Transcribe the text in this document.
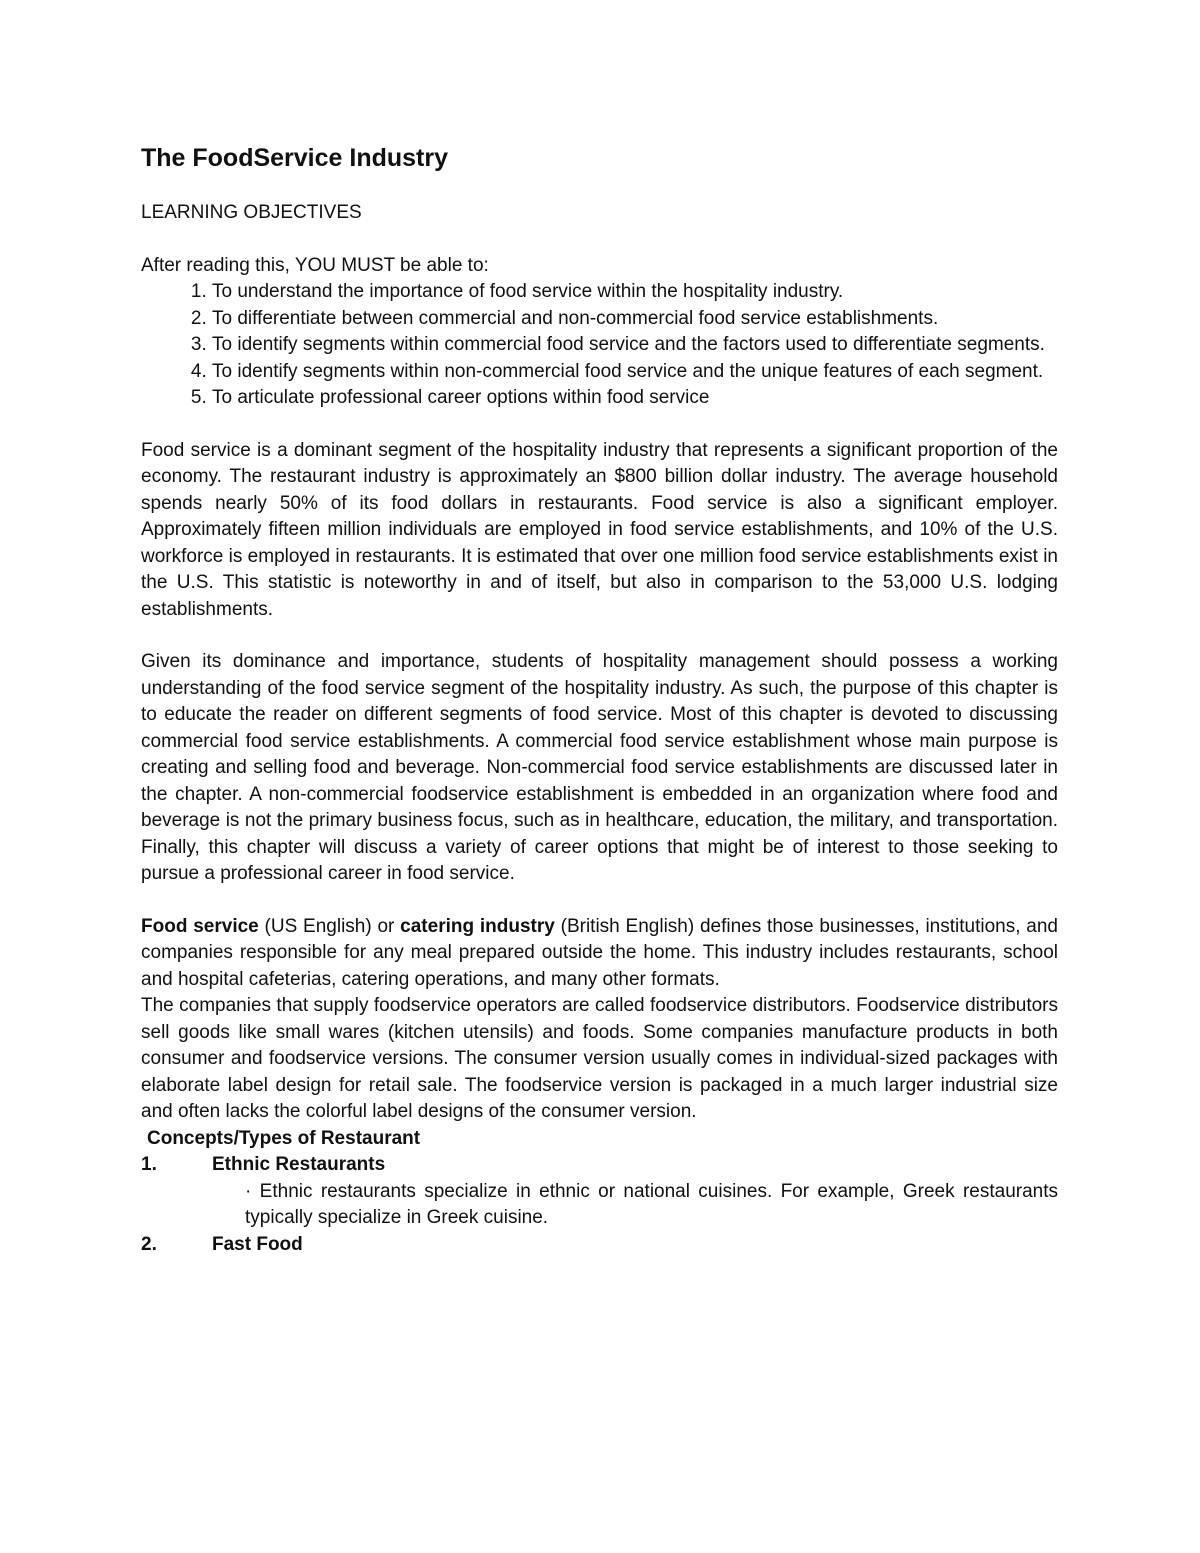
The FoodService Industry
LEARNING OBJECTIVES

After reading this, YOU MUST be able to:

1. To understand the importance of food service within the hospitality industry.
2. To differentiate between commercial and non-commercial food service establishments.
3. To identify segments within commercial food service and the factors used to differentiate segments.
4. To identify segments within non-commercial food service and the unique features of each segment.
5. To articulate professional career options within food service

Food service is a dominant segment of the hospitality industry that represents a significant proportion of the economy. The restaurant industry is approximately an $800 billion dollar industry. The average household spends nearly 50% of its food dollars in restaurants. Food service is also a significant employer. Approximately fifteen million individuals are employed in food service establishments, and 10% of the U.S. workforce is employed in restaurants. It is estimated that over one million food service establishments exist in the U.S. This statistic is noteworthy in and of itself, but also in comparison to the 53,000 U.S. lodging establishments.

Given its dominance and importance, students of hospitality management should possess a working understanding of the food service segment of the hospitality industry. As such, the purpose of this chapter is to educate the reader on different segments of food service. Most of this chapter is devoted to discussing commercial food service establishments. A commercial food service establishment whose main purpose is creating and selling food and beverage. Non-commercial food service establishments are discussed later in the chapter. A non-commercial foodservice establishment is embedded in an organization where food and beverage is not the primary business focus, such as in healthcare, education, the military, and transportation. Finally, this chapter will discuss a variety of career options that might be of interest to those seeking to pursue a professional career in food service.

Food service (US English) or catering industry (British English) defines those businesses, institutions, and companies responsible for any meal prepared outside the home. This industry includes restaurants, school and hospital cafeterias, catering operations, and many other formats.

The companies that supply foodservice operators are called foodservice distributors. Foodservice distributors sell goods like small wares (kitchen utensils) and foods. Some companies manufacture products in both consumer and foodservice versions. The consumer version usually comes in individual-sized packages with elaborate label design for retail sale. The foodservice version is packaged in a much larger industrial size and often lacks the colorful label designs of the consumer version.

Concepts/Types of Restaurant
1.	Ethnic Restaurants
· Ethnic restaurants specialize in ethnic or national cuisines. For example, Greek restaurants typically specialize in Greek cuisine.
2.	Fast Food
